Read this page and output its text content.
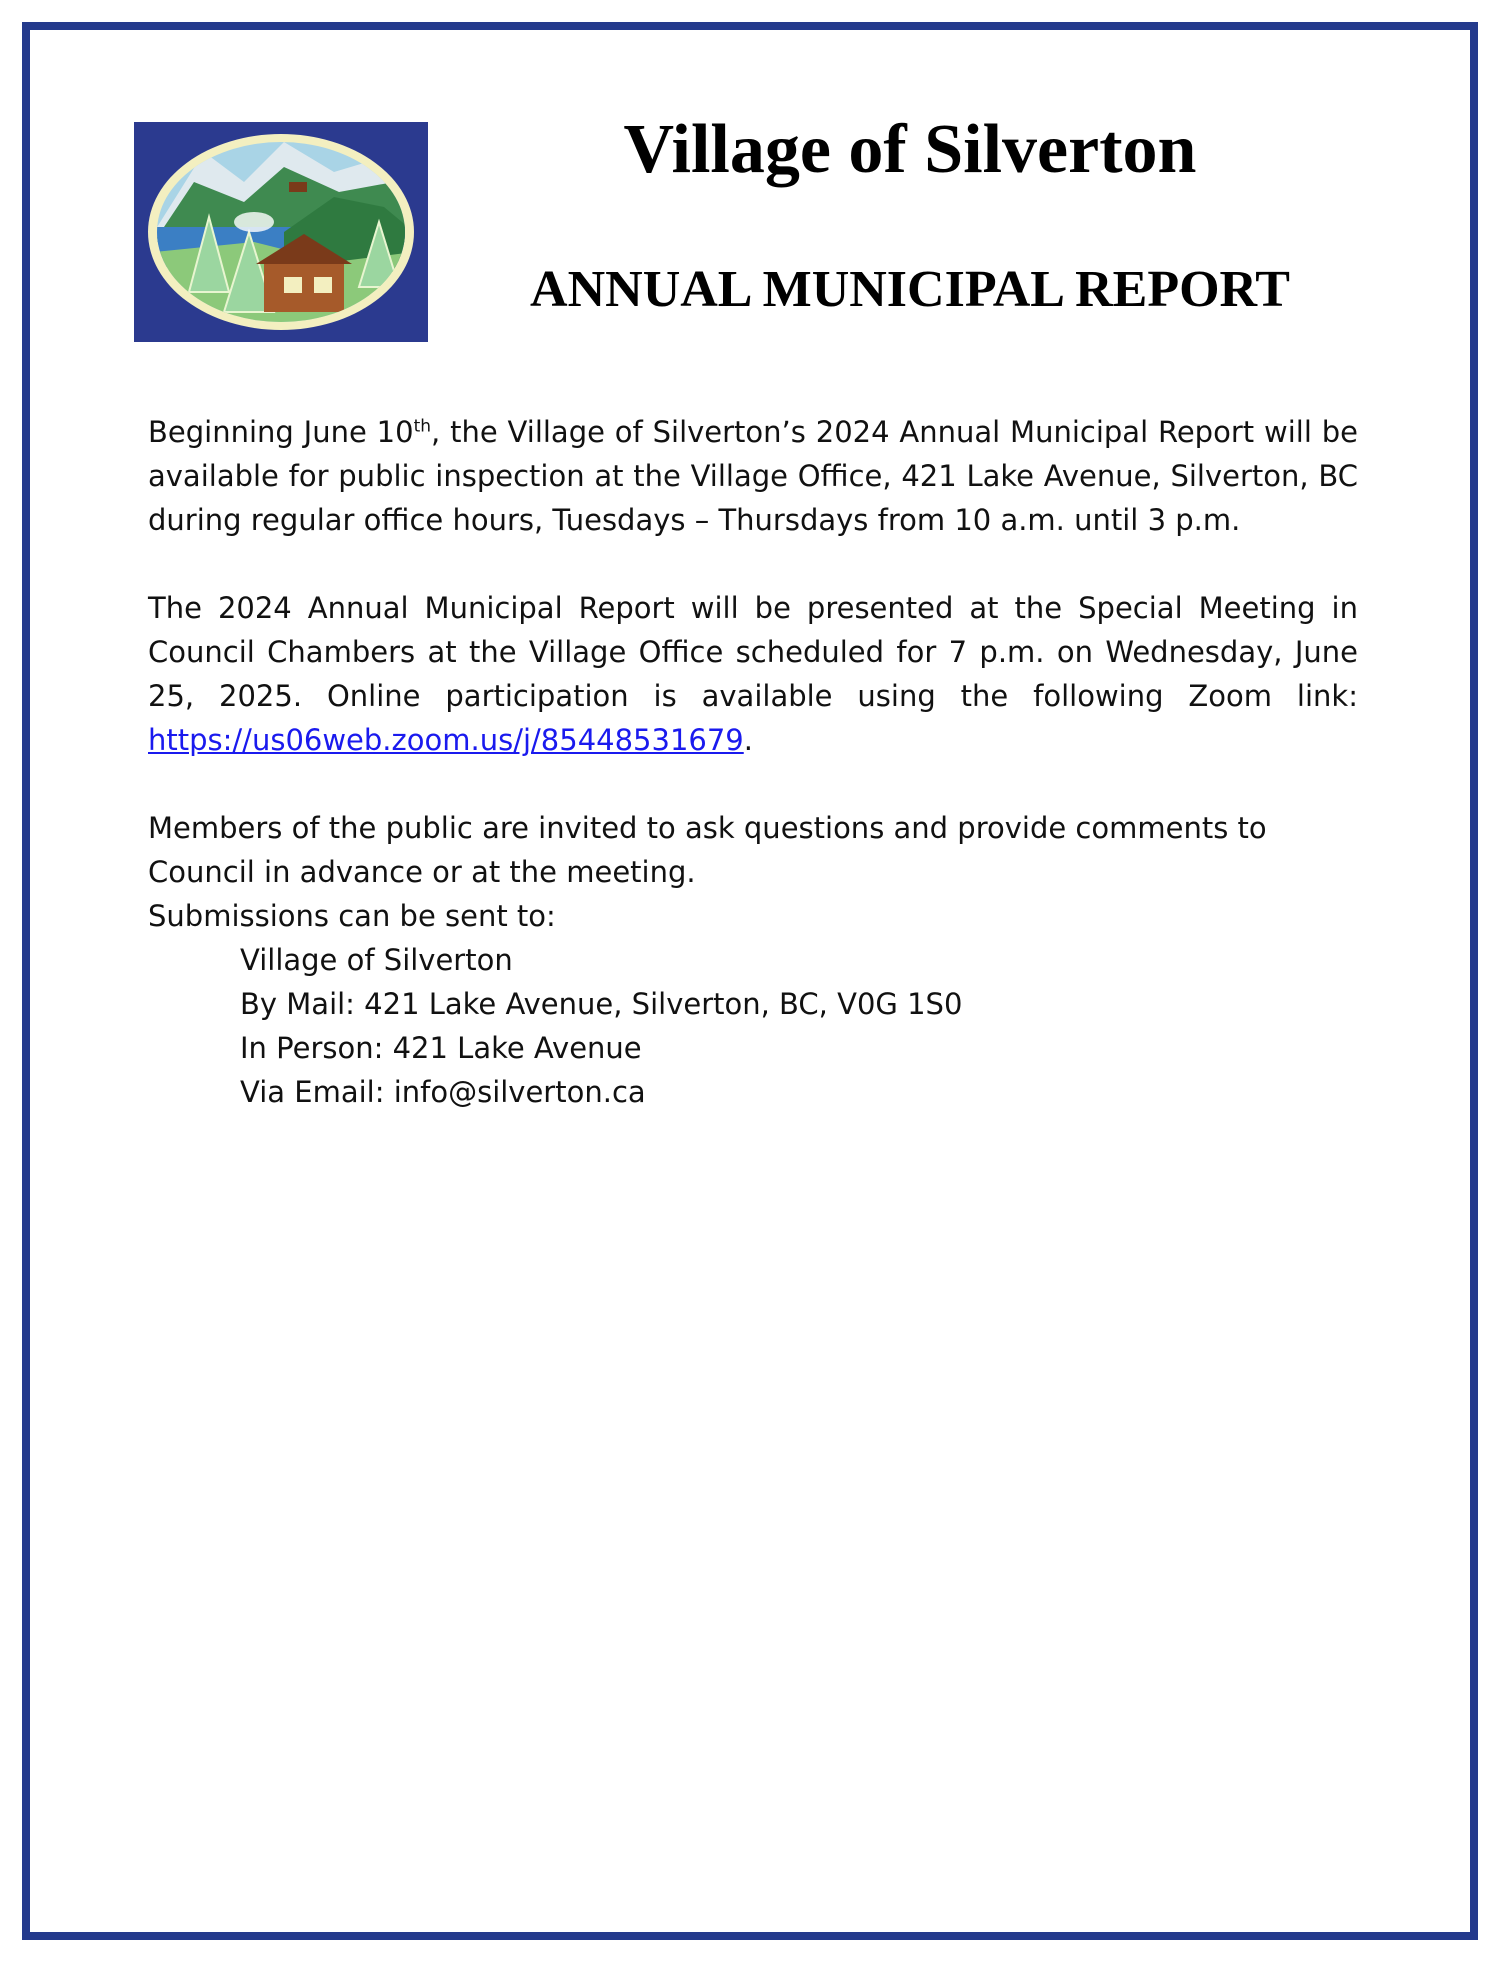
Village of Silverton
ANNUAL MUNICIPAL REPORT

Beginning June 10th, the Village of Silverton’s 2024 Annual Municipal Report will be available for public inspection at the Village Office, 421 Lake Avenue, Silverton, BC during regular office hours, Tuesdays – Thursdays from 10 a.m. until 3 p.m.

The 2024 Annual Municipal Report will be presented at the Special Meeting in Council Chambers at the Village Office scheduled for 7 p.m. on Wednesday, June 25, 2025. Online participation is available using the following Zoom link: https://us06web.zoom.us/j/85448531679.

Members of the public are invited to ask questions and provide comments to Council in advance or at the meeting.
Submissions can be sent to:
Village of Silverton
By Mail: 421 Lake Avenue, Silverton, BC, V0G 1S0
In Person: 421 Lake Avenue
Via Email: info@silverton.ca
